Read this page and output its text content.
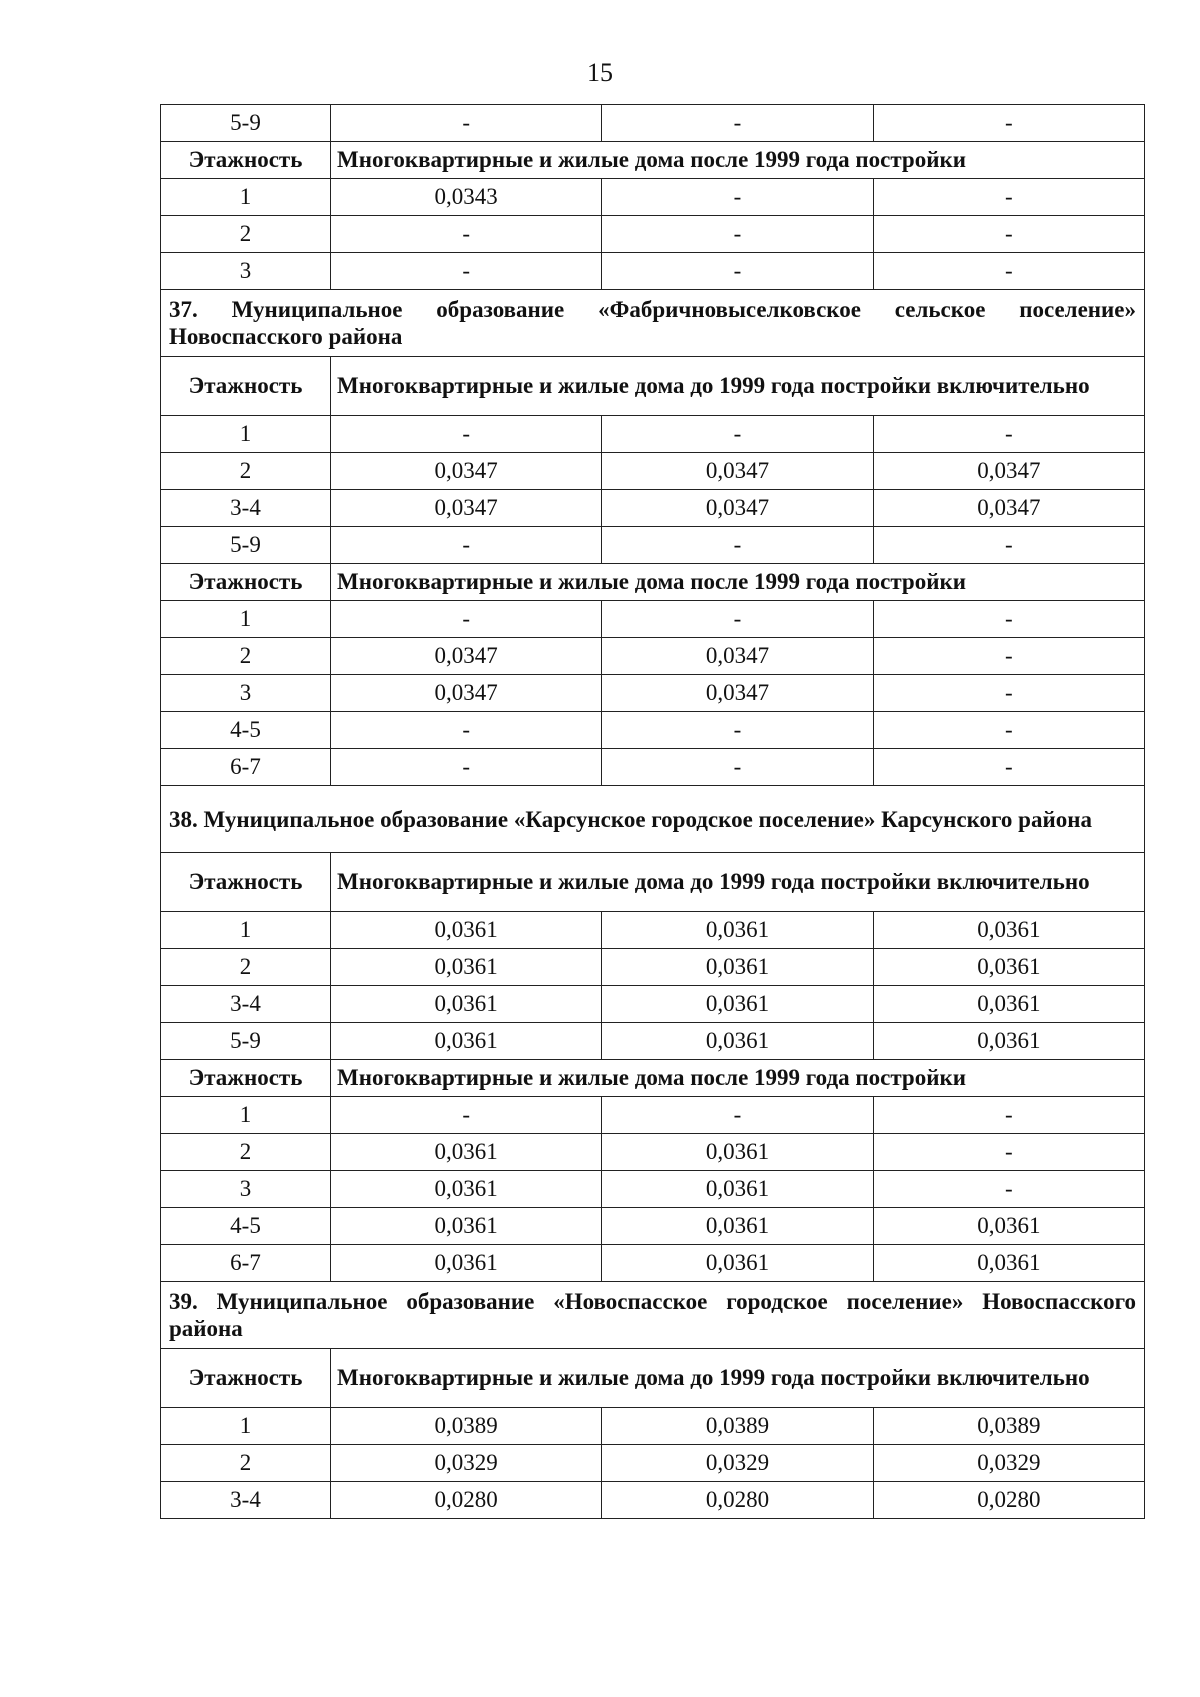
15
5-9	-	-	-
Этажность	Многоквартирные и жилые дома после 1999 года постройки		
1	0,0343	-	-
2	-	-	-
3	-	-	-
37. Муниципальное образование «Фабричновыселковское сельское поселение» Новоспасского района			
Этажность	Многоквартирные и жилые дома до 1999 года постройки включительно		
1	-	-	-
2	0,0347	0,0347	0,0347
3-4	0,0347	0,0347	0,0347
5-9	-	-	-
Этажность	Многоквартирные и жилые дома после 1999 года постройки		
1	-	-	-
2	0,0347	0,0347	-
3	0,0347	0,0347	-
4-5	-	-	-
6-7	-	-	-
38. Муниципальное образование «Карсунское городское поселение» Карсунского района			
Этажность	Многоквартирные и жилые дома до 1999 года постройки включительно		
1	0,0361	0,0361	0,0361
2	0,0361	0,0361	0,0361
3-4	0,0361	0,0361	0,0361
5-9	0,0361	0,0361	0,0361
Этажность	Многоквартирные и жилые дома после 1999 года постройки		
1	-	-	-
2	0,0361	0,0361	-
3	0,0361	0,0361	-
4-5	0,0361	0,0361	0,0361
6-7	0,0361	0,0361	0,0361
39. Муниципальное образование «Новоспасское городское поселение» Новоспасского района			
Этажность	Многоквартирные и жилые дома до 1999 года постройки включительно		
1	0,0389	0,0389	0,0389
2	0,0329	0,0329	0,0329
3-4	0,0280	0,0280	0,0280
